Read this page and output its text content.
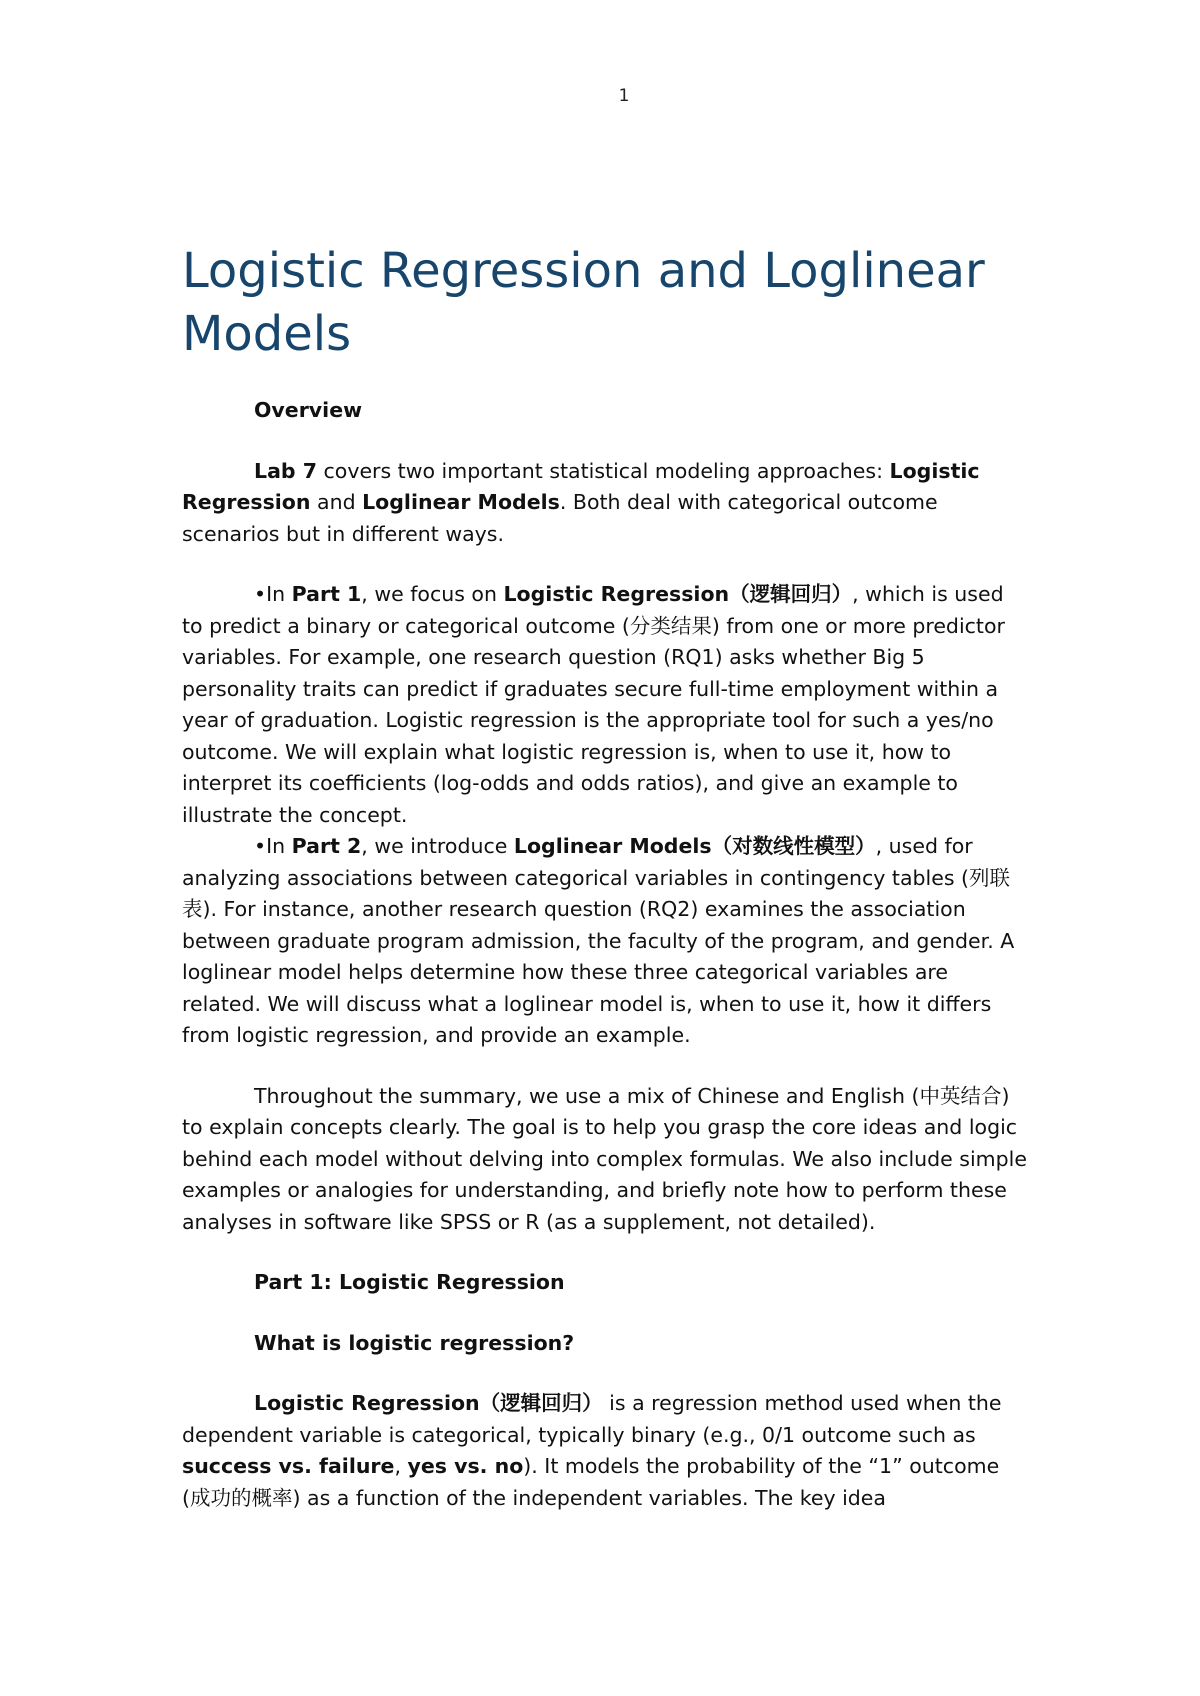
1
Logistic Regression and Loglinear Models

Overview

Lab 7 covers two important statistical modeling approaches: Logistic Regression and Loglinear Models. Both deal with categorical outcome scenarios but in different ways.

•In Part 1, we focus on Logistic Regression（逻辑回归）, which is used to predict a binary or categorical outcome (分类结果) from one or more predictor variables. For example, one research question (RQ1) asks whether Big 5 personality traits can predict if graduates secure full-time employment within a year of graduation. Logistic regression is the appropriate tool for such a yes/no outcome. We will explain what logistic regression is, when to use it, how to interpret its coefficients (log-odds and odds ratios), and give an example to illustrate the concept.

•In Part 2, we introduce Loglinear Models（对数线性模型）, used for analyzing associations between categorical variables in contingency tables (列联表). For instance, another research question (RQ2) examines the association between graduate program admission, the faculty of the program, and gender. A loglinear model helps determine how these three categorical variables are related. We will discuss what a loglinear model is, when to use it, how it differs from logistic regression, and provide an example.

Throughout the summary, we use a mix of Chinese and English (中英结合) to explain concepts clearly. The goal is to help you grasp the core ideas and logic behind each model without delving into complex formulas. We also include simple examples or analogies for understanding, and briefly note how to perform these analyses in software like SPSS or R (as a supplement, not detailed).

Part 1: Logistic Regression

What is logistic regression?

Logistic Regression（逻辑回归） is a regression method used when the dependent variable is categorical, typically binary (e.g., 0/1 outcome such as success vs. failure, yes vs. no). It models the probability of the “1” outcome (成功的概率) as a function of the independent variables. The key idea
